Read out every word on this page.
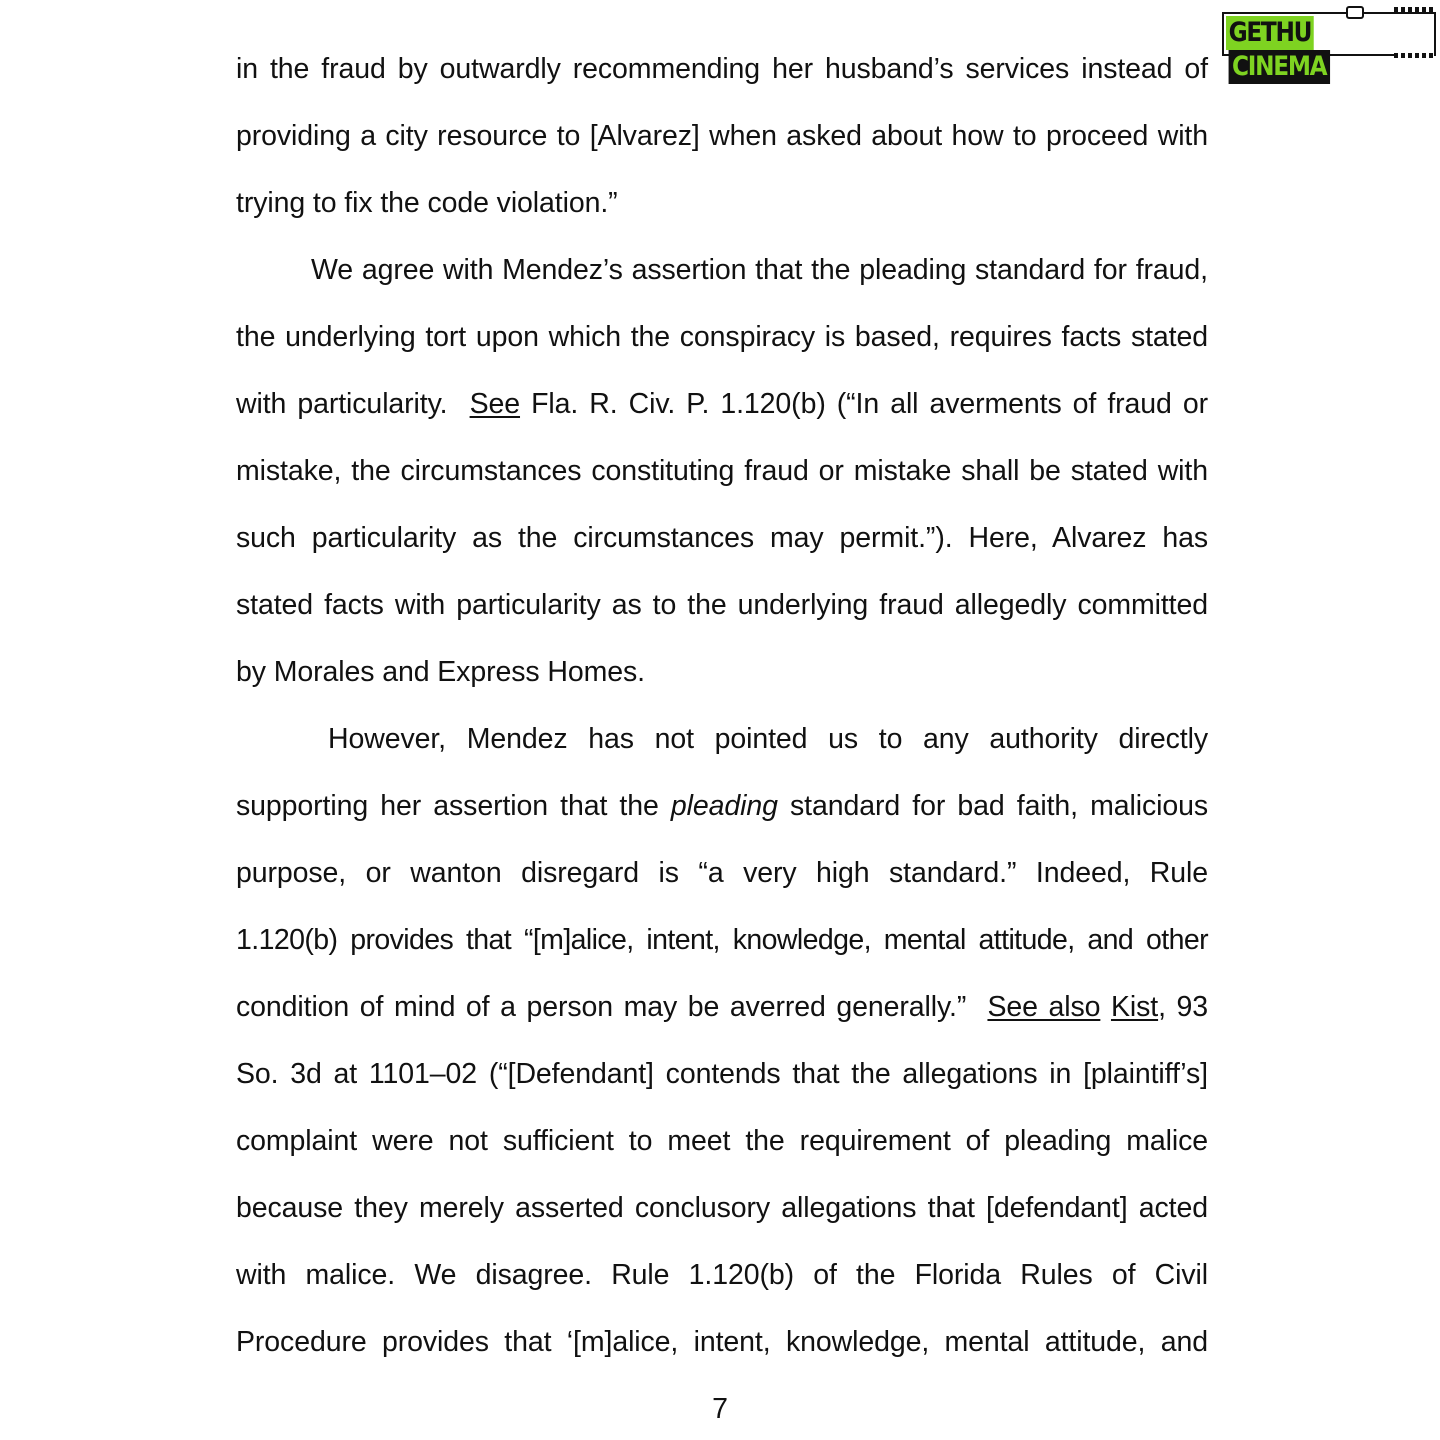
GETHUCINEMA
in the fraud by outwardly recommending her husband’s services instead of
providing a city resource to [Alvarez] when asked about how to proceed with
trying to fix the code violation.”
We agree with Mendez’s assertion that the pleading standard for fraud,
the underlying tort upon which the conspiracy is based, requires facts stated
with particularity.  See Fla. R. Civ. P. 1.120(b) (“In all averments of fraud or
mistake, the circumstances constituting fraud or mistake shall be stated with
such particularity as the circumstances may permit.”). Here, Alvarez has
stated facts with particularity as to the underlying fraud allegedly committed
by Morales and Express Homes.
However, Mendez has not pointed us to any authority directly
supporting her assertion that the pleading standard for bad faith, malicious
purpose, or wanton disregard is “a very high standard.” Indeed, Rule
1.120(b) provides that “[m]alice, intent, knowledge, mental attitude, and other
condition of mind of a person may be averred generally.”  See also Kist, 93
So. 3d at 1101–02 (“[Defendant] contends that the allegations in [plaintiff’s]
complaint were not sufficient to meet the requirement of pleading malice
because they merely asserted conclusory allegations that [defendant] acted
with malice. We disagree. Rule 1.120(b) of the Florida Rules of Civil
Procedure provides that ‘[m]alice, intent, knowledge, mental attitude, and
7
